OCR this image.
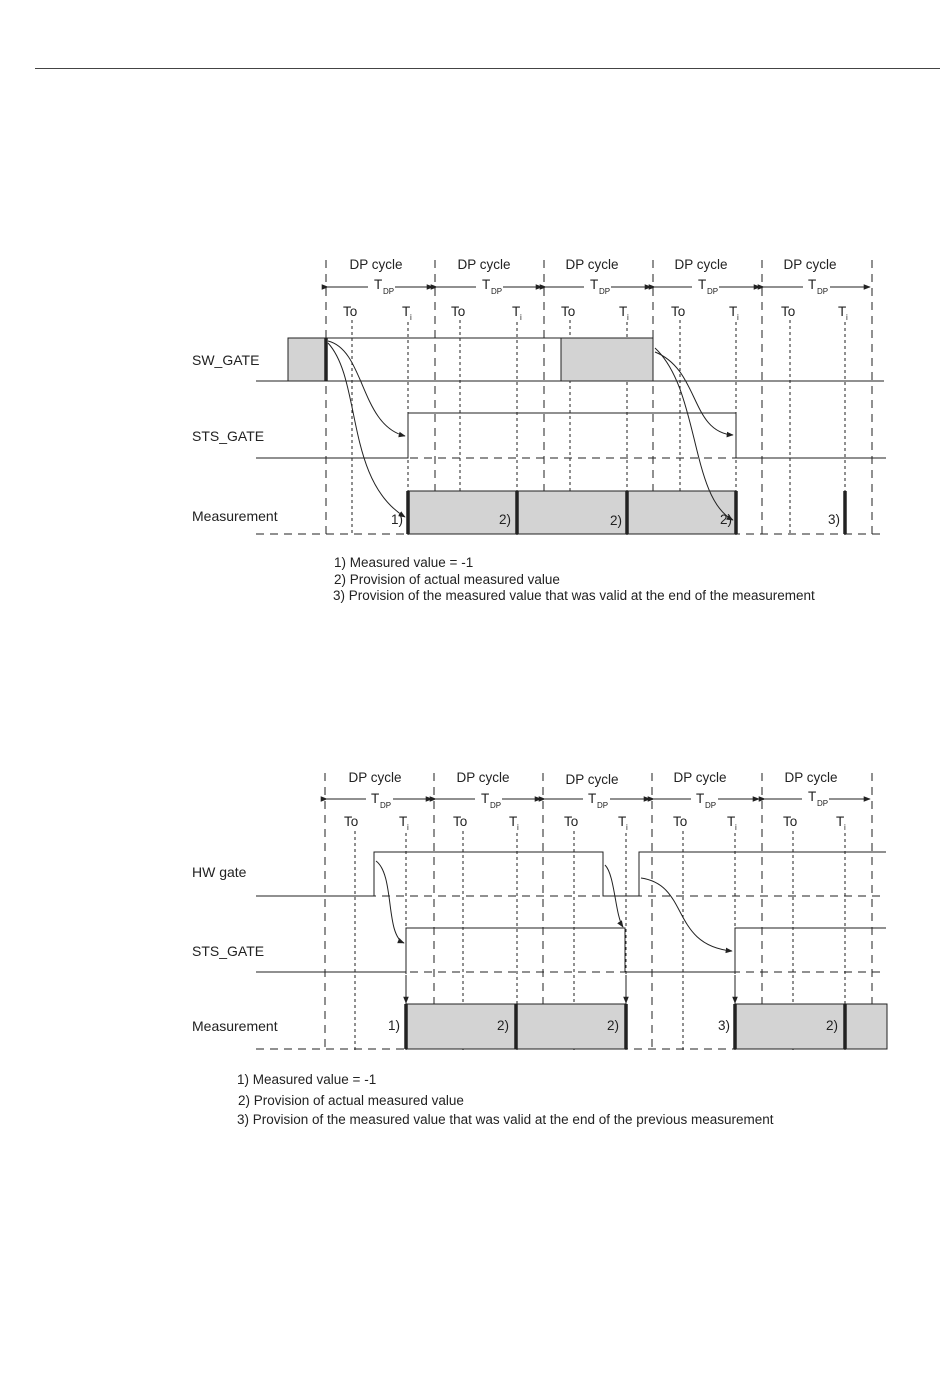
DP cycle	DP cycle	DP cycle	DP cycle	DP cycle
T DP	T DP	T DP	T DP	T DP
To	T i	To	T i	To	T i	To	T i	To	T i
SW_GATE
STS_GATE
Measurement	1)	2)	2)	2)	3)
1) Measured value = -1
2) Provision of actual measured value
3) Provision of the measured value that was valid at the end of the measurement
DP cycle	DP cycle	DP cycle	DP cycle	DP cycle
T DP	T DP	T DP	T DP
T DP
To	T i	To	T i	To	T i	To	T i	To	T i
HW gate
STS_GATE
Measurement	1)	2)	2)	3)	2)
1) Measured value = -1
2) Provision of actual measured value
3) Provision of the measured value that was valid at the end of the previous measurement
